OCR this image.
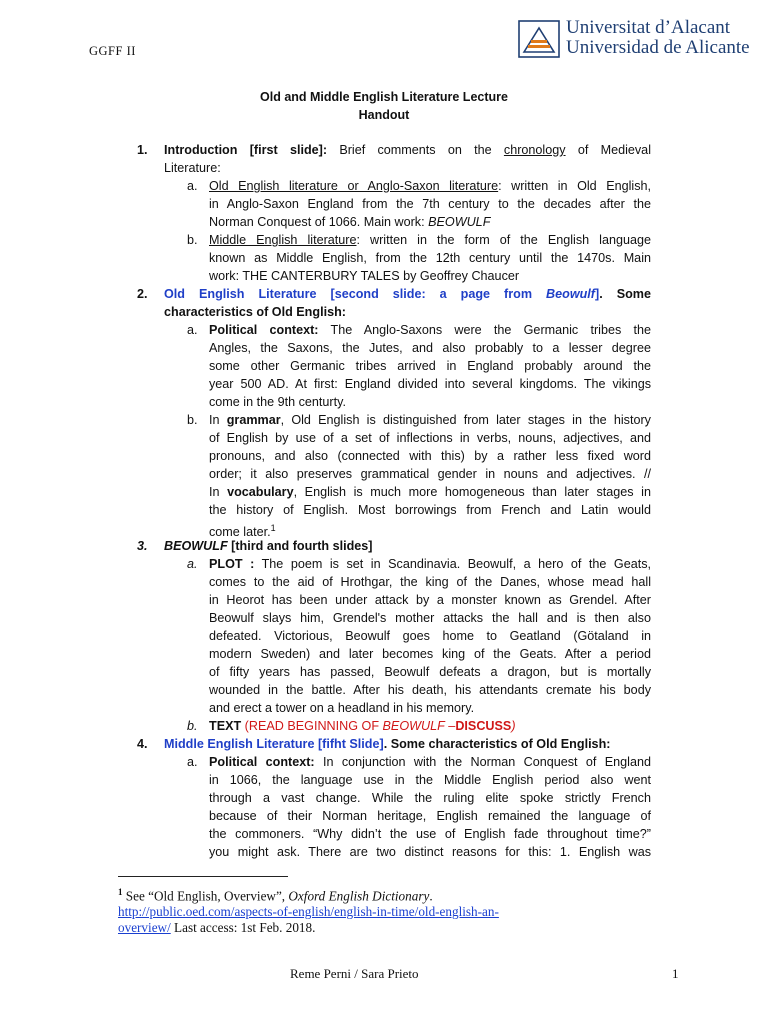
GGFF II
Universitat d’Alacant
Universidad de Alicante
Old and Middle English Literature Lecture
Handout
1. Introduction [first slide]: Brief comments on the chronology of Medieval
Literature:
a. Old English literature or Anglo-Saxon literature: written in Old English,
in Anglo-Saxon England from the 7th century to the decades after the
Norman Conquest of 1066. Main work: BEOWULF
b. Middle English literature: written in the form of the English language
known as Middle English, from the 12th century until the 1470s. Main
work: THE CANTERBURY TALES by Geoffrey Chaucer
2. Old English Literature [second slide: a page from Beowulf]. Some
characteristics of Old English:
a. Political context: The Anglo-Saxons were the Germanic tribes the
Angles, the Saxons, the Jutes, and also probably to a lesser degree
some other Germanic tribes arrived in England probably around the
year 500 AD. At first: England divided into several kingdoms. The vikings
come in the 9th centurty.
b. In grammar, Old English is distinguished from later stages in the history
of English by use of a set of inflections in verbs, nouns, adjectives, and
pronouns, and also (connected with this) by a rather less fixed word
order; it also preserves grammatical gender in nouns and adjectives. //
In vocabulary, English is much more homogeneous than later stages in
the history of English. Most borrowings from French and Latin would
come later.$^1$
3. BEOWULF [third and fourth slides]
a. PLOT : The poem is set in Scandinavia. Beowulf, a hero of the Geats,
comes to the aid of Hrothgar, the king of the Danes, whose mead hall
in Heorot has been under attack by a monster known as Grendel. After
Beowulf slays him, Grendel's mother attacks the hall and is then also
defeated. Victorious, Beowulf goes home to Geatland (Götaland in
modern Sweden) and later becomes king of the Geats. After a period
of fifty years has passed, Beowulf defeats a dragon, but is mortally
wounded in the battle. After his death, his attendants cremate his body
and erect a tower on a headland in his memory.
b. TEXT (READ BEGINNING OF BEOWULF –DISCUSS)
4. Middle English Literature [fifht Slide]. Some characteristics of Old English:
a. Political context: In conjunction with the Norman Conquest of England
in 1066, the language use in the Middle English period also went
through a vast change. While the ruling elite spoke strictly French
because of their Norman heritage, English remained the language of
the commoners. “Why didn’t the use of English fade throughout time?”
you might ask. There are two distinct reasons for this: 1. English was
$^1$ See “Old English, Overview”, Oxford English Dictionary.
http://public.oed.com/aspects-of-english/english-in-time/old-english-an-
overview/ Last access: 1st Feb. 2018.
Reme Perni / Sara Prieto	1
